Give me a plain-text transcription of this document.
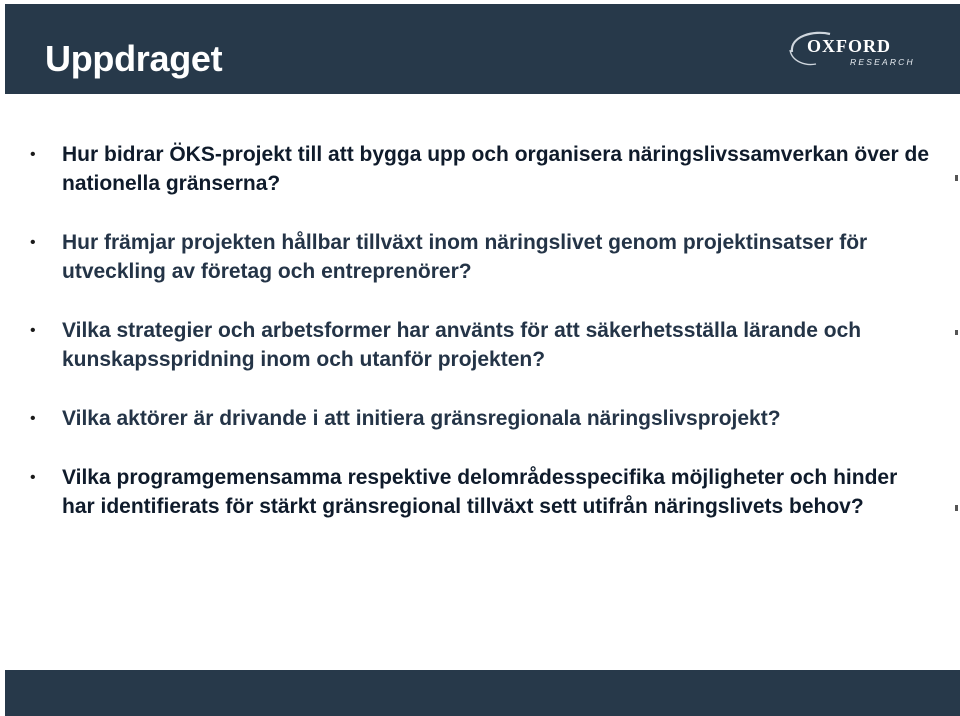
Uppdraget	OXFORD
RESEARCH
• Hur bidrar ÖKS-projekt till att bygga upp och organisera näringslivssamverkan över de nationella gränserna?
• Hur främjar projekten hållbar tillväxt inom näringslivet genom projektinsatser för utveckling av företag och entreprenörer?
• Vilka strategier och arbetsformer har använts för att säkerhetsställa lärande och kunskapsspridning inom och utanför projekten?
• Vilka aktörer är drivande i att initiera gränsregionala näringslivsprojekt?
• Vilka programgemensamma respektive delområdesspecifika möjligheter och hinder har identifierats för stärkt gränsregional tillväxt sett utifrån näringslivets behov?
